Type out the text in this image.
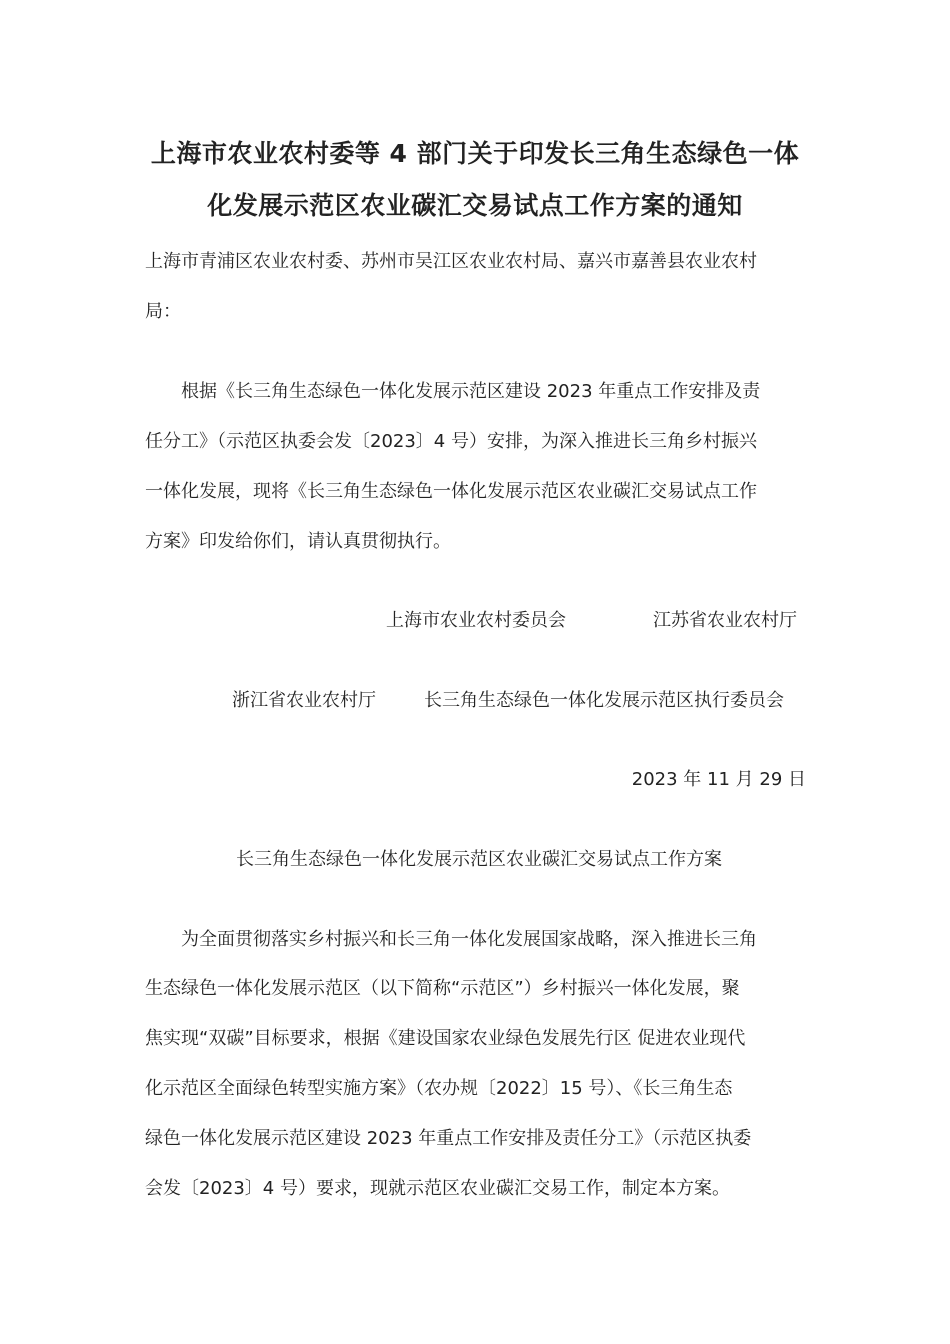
上海市农业农村委等 4 部门关于印发长三角生态绿色一体
化发展示范区农业碳汇交易试点工作方案的通知
上海市青浦区农业农村委、苏州市吴江区农业农村局、嘉兴市嘉善县农业农村
局：
根据《长三角生态绿色一体化发展示范区建设 2023 年重点工作安排及责
任分工》（示范区执委会发〔2023〕4 号）安排，为深入推进长三角乡村振兴
一体化发展，现将《长三角生态绿色一体化发展示范区农业碳汇交易试点工作
方案》印发给你们，请认真贯彻执行。
上海市农业农村委员会	江苏省农业农村厅
浙江省农业农村厅	长三角生态绿色一体化发展示范区执行委员会
2023 年 11 月 29 日
长三角生态绿色一体化发展示范区农业碳汇交易试点工作方案
为全面贯彻落实乡村振兴和长三角一体化发展国家战略，深入推进长三角
生态绿色一体化发展示范区（以下简称“示范区”）乡村振兴一体化发展，聚
焦实现“双碳”目标要求，根据《建设国家农业绿色发展先行区 促进农业现代
化示范区全面绿色转型实施方案》（农办规〔2022〕15 号）、《长三角生态
绿色一体化发展示范区建设 2023 年重点工作安排及责任分工》（示范区执委
会发〔2023〕4 号）要求，现就示范区农业碳汇交易工作，制定本方案。
